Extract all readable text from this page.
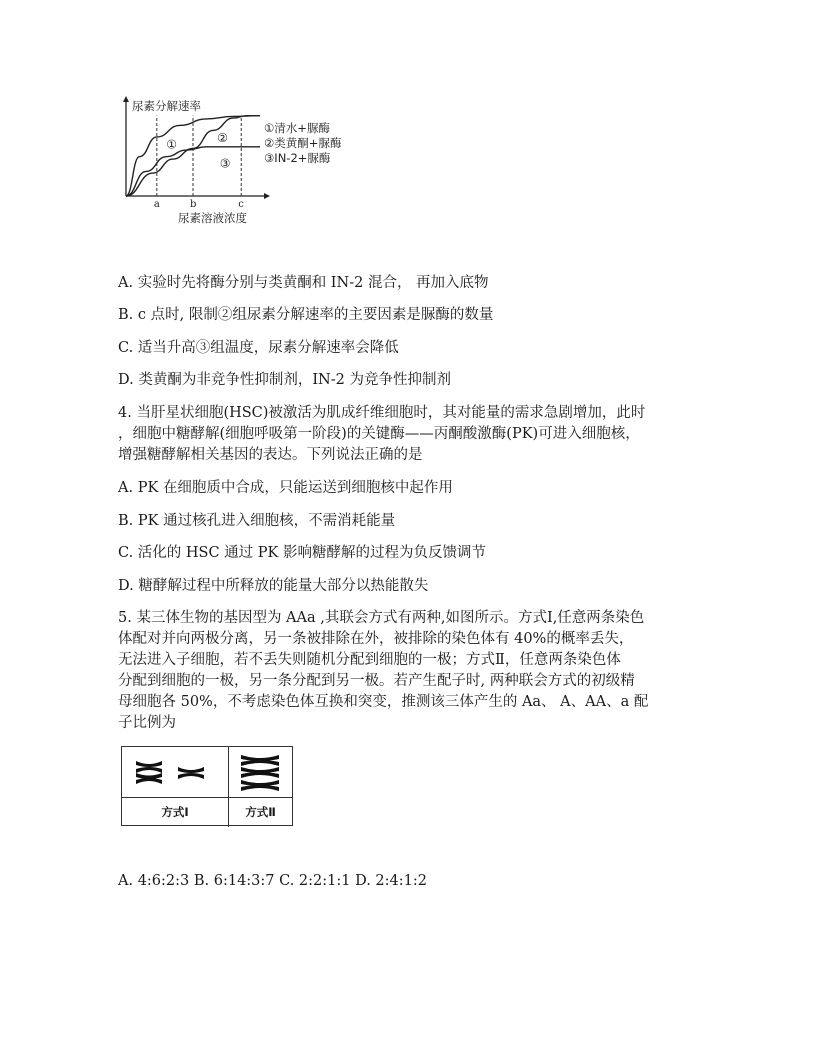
a	b	c
①
①清水+脲酶
②	②类黄酮+脲酶
③	③IN-2+脲酶
尿素分解速率
尿素溶液浓度
A. 实验时先将酶分别与类黄酮和 IN-2 混合， 再加入底物
B. c 点时, 限制②组尿素分解速率的主要因素是脲酶的数量
C. 适当升高③组温度，尿素分解速率会降低
D. 类黄酮为非竞争性抑制剂，IN-2 为竞争性抑制剂
4. 当肝星状细胞(HSC)被激活为肌成纤维细胞时，其对能量的需求急剧增加，此时
，细胞中糖酵解(细胞呼吸第一阶段)的关键酶——丙酮酸激酶(PK)可进入细胞核，
增强糖酵解相关基因的表达。下列说法正确的是
A. PK 在细胞质中合成，只能运送到细胞核中起作用
B. PK 通过核孔进入细胞核，不需消耗能量
C. 活化的 HSC 通过 PK 影响糖酵解的过程为负反馈调节
D. 糖酵解过程中所释放的能量大部分以热能散失
5. 某三体生物的基因型为 AAa ,其联会方式有两种,如图所示。方式Ⅰ,任意两条染色
体配对并向两极分离，另一条被排除在外，被排除的染色体有 40%的概率丢失，
无法进入子细胞，若不丢失则随机分配到细胞的一极；方式Ⅱ，任意两条染色体
分配到细胞的一极，另一条分配到另一极。若产生配子时, 两种联会方式的初级精
母细胞各 50%，不考虑染色体互换和突变，推测该三体产生的 Aa、 A、AA、a 配
子比例为
方式Ⅰ	方式Ⅱ
A. 4:6:2:3 B. 6:14:3:7 C. 2:2:1:1 D. 2:4:1:2
